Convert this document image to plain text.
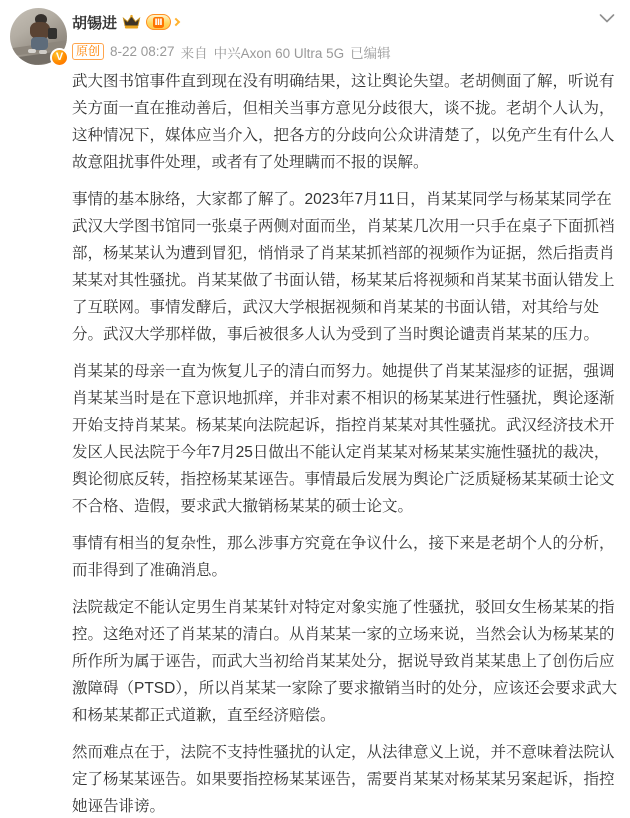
V
胡锡进	Ⅲ
原创 8-22 08:27 来自 中兴Axon 60 Ultra 5G 已编辑

武大图书馆事件直到现在没有明确结果，这让舆论失望。老胡侧面了解，听说有关方面一直在推动善后，但相关当事方意见分歧很大，谈不拢。老胡个人认为，这种情况下，媒体应当介入，把各方的分歧向公众讲清楚了，以免产生有什么人故意阻扰事件处理，或者有了处理瞒而不报的误解。

事情的基本脉络，大家都了解了。2023年7月11日，肖某某同学与杨某某同学在武汉大学图书馆同一张桌子两侧对面而坐，肖某某几次用一只手在桌子下面抓裆部，杨某某认为遭到冒犯，悄悄录了肖某某抓裆部的视频作为证据，然后指责肖某某对其性骚扰。肖某某做了书面认错，杨某某后将视频和肖某某书面认错发上了互联网。事情发酵后，武汉大学根据视频和肖某某的书面认错，对其给与处分。武汉大学那样做，事后被很多人认为受到了当时舆论谴责肖某某的压力。

肖某某的母亲一直为恢复儿子的清白而努力。她提供了肖某某湿疹的证据，强调肖某某当时是在下意识地抓痒，并非对素不相识的杨某某进行性骚扰，舆论逐渐开始支持肖某某。杨某某向法院起诉，指控肖某某对其性骚扰。武汉经济技术开发区人民法院于今年7月25日做出不能认定肖某某对杨某某实施性骚扰的裁决，舆论彻底反转，指控杨某某诬告。事情最后发展为舆论广泛质疑杨某某硕士论文不合格、造假，要求武大撤销杨某某的硕士论文。

事情有相当的复杂性，那么涉事方究竟在争议什么，接下来是老胡个人的分析，而非得到了准确消息。

法院裁定不能认定男生肖某某针对特定对象实施了性骚扰，驳回女生杨某某的指控。这绝对还了肖某某的清白。从肖某某一家的立场来说，当然会认为杨某某的所作所为属于诬告，而武大当初给肖某某处分，据说导致肖某某患上了创伤后应激障碍（PTSD），所以肖某某一家除了要求撤销当时的处分，应该还会要求武大和杨某某都正式道歉，直至经济赔偿。

然而难点在于，法院不支持性骚扰的认定，从法律意义上说，并不意味着法院认定了杨某某诬告。如果要指控杨某某诬告，需要肖某某对杨某某另案起诉，指控她诬告诽谤。
